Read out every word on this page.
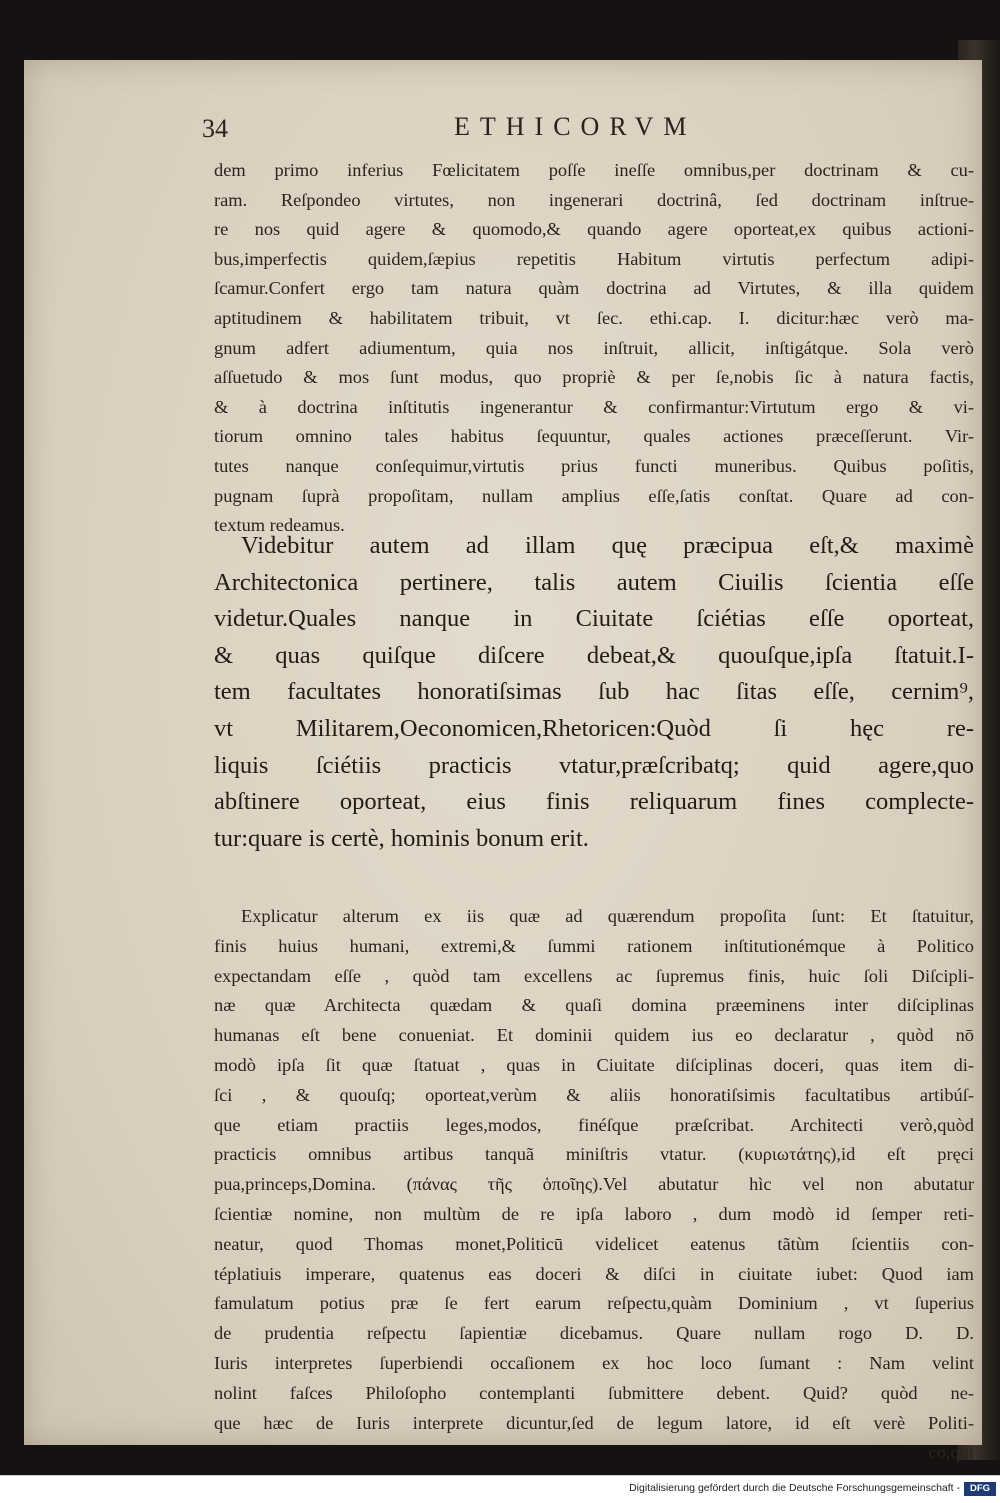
34	ETHICORVM
dem primo inferius Fœlicitatem poſſe ineſſe omnibus,per doctrinam & cu-
ram. Reſpondeo virtutes, non ingenerari doctrinâ, ſed doctrinam inſtrue-
re nos quid agere & quomodo,& quando agere oporteat,ex quibus actioni-
bus,imperfectis quidem,ſæpius repetitis Habitum virtutis perfectum adipi-
ſcamur.Confert ergo tam natura quàm doctrina ad Virtutes, & illa quidem
aptitudinem & habilitatem tribuit, vt ſec. ethi.cap. I. dicitur:hæc verò ma-
gnum adfert adiumentum, quia nos inſtruit, allicit, inſtigátque. Sola verò
aſſuetudo & mos ſunt modus, quo propriè & per ſe,nobis ſic à natura factis,
& à doctrina inſtitutis ingenerantur & confirmantur:Virtutum ergo & vi-
tiorum omnino tales habitus ſequuntur, quales actiones præceſſerunt. Vir-
tutes nanque conſequimur,virtutis prius functi muneribus. Quibus poſitis,
pugnam ſuprà propoſitam, nullam amplius eſſe,ſatis conſtat. Quare ad con-
textum redeamus.
Videbitur autem ad illam quę præcipua eſt,& maximè
Architectonica pertinere, talis autem Ciuilis ſcientia eſſe
videtur.Quales nanque in Ciuitate ſciétias eſſe oporteat,
& quas quiſque diſcere debeat,& quouſque,ipſa ſtatuit.I-
tem facultates honoratiſsimas ſub hac ſitas eſſe, cernim⁹,
vt Militarem,Oeconomicen,Rhetoricen:Quòd ſi hęc re-
liquis ſciétiis practicis vtatur,præſcribatq; quid agere,quo
abſtinere oporteat, eius finis reliquarum fines complecte-
tur:quare is certè, hominis bonum erit.
Explicatur alterum ex iis quæ ad quærendum propoſita ſunt: Et ſtatuitur,
finis huius humani, extremi,& ſummi rationem inſtitutionémque à Politico
expectandam eſſe , quòd tam excellens ac ſupremus finis, huic ſoli Diſcipli-
næ quæ Architecta quædam & quaſi domina præeminens inter diſciplinas
humanas eſt bene conueniat. Et dominii quidem ius eo declaratur , quòd nō
modò ipſa ſit quæ ſtatuat , quas in Ciuitate diſciplinas doceri, quas item di-
ſci , & quouſq; oporteat,verùm & aliis honoratiſsimis facultatibus artibúſ-
que etiam practiis leges,modos, finéſque præſcribat. Architecti verò,quòd
practicis omnibus artibus tanquã miniſtris vtatur. (κυριωτάτης),id eſt pręci
pua,princeps,Domina. (πάνας τῆς ὁποῖης).Vel abutatur hìc vel non abutatur
ſcientiæ nomine, non multùm de re ipſa laboro , dum modò id ſemper reti-
neatur, quod Thomas monet,Politicū videlicet eatenus tãtùm ſcientiis con-
téplatiuis imperare, quatenus eas doceri & diſci in ciuitate iubet: Quod iam
famulatum potius præ ſe fert earum reſpectu,quàm Dominium , vt ſuperius
de prudentia reſpectu ſapientiæ dicebamus. Quare nullam rogo D. D.
Iuris interpretes ſuperbiendi occaſionem ex hoc loco ſumant : Nam velint
nolint faſces Philoſopho contemplanti ſubmittere debent. Quid? quòd ne-
que hæc de Iuris interprete dicuntur,ſed de legum latore, id eſt verè Politi-
co,qui
Digitalisierung gefördert durch die Deutsche Forschungsgemeinschaft -	DFG
